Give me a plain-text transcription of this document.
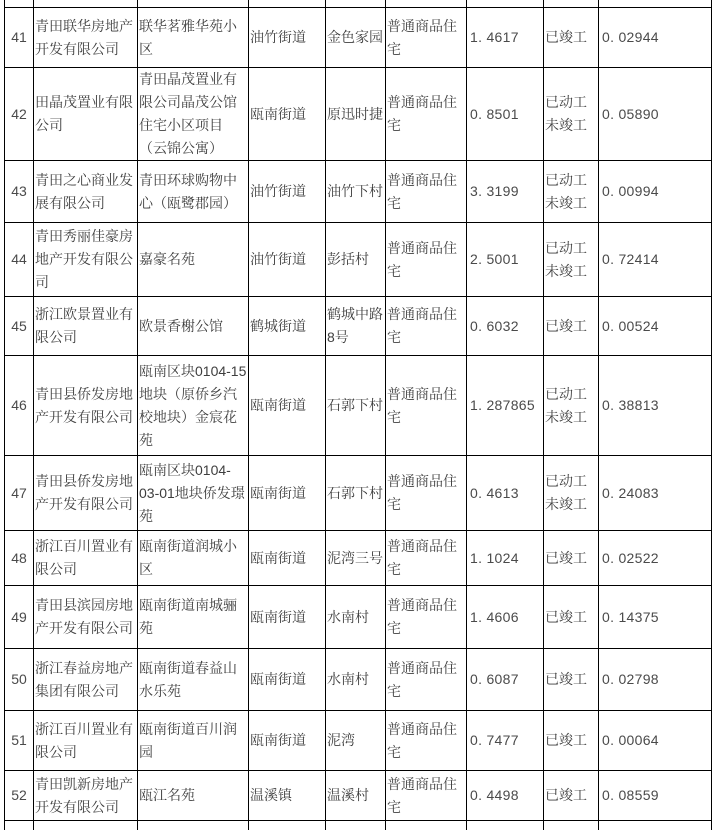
41	青田联华房地产开发有限公司	联华茗雅华苑小区	油竹街道	金色家园	普通商品住宅	1. 4617	已竣工	0. 02944
42	田晶茂置业有限公司	青田晶茂置业有限公司晶茂公馆住宅小区项目（云锦公寓）	瓯南街道	原迅时捷	普通商品住宅	0. 8501	已动工未竣工	0. 05890
43	青田之心商业发展有限公司	青田环球购物中心（瓯鹭郡园）	油竹街道	油竹下村	普通商品住宅	3. 3199	已动工未竣工	0. 00994
44	青田秀丽佳豪房地产开发有限公司	嘉豪名苑	油竹街道	彭括村	普通商品住宅	2. 5001	已动工未竣工	0. 72414
45	浙江欧景置业有限公司	欧景香榭公馆	鹤城街道	鹤城中路8号	普通商品住宅	0. 6032	已竣工	0. 00524
46	青田县侨发房地产开发有限公司	瓯南区块0104-15地块（原侨乡汽校地块）金宸花苑	瓯南街道	石郭下村	普通商品住宅	1. 287865	已动工未竣工	0. 38813
47	青田县侨发房地产开发有限公司	瓯南区块0104-03-01地块侨发璟苑	瓯南街道	石郭下村	普通商品住宅	0. 4613	已动工未竣工	0. 24083
48	浙江百川置业有限公司	瓯南街道润城小区	瓯南街道	泥湾三号	普通商品住宅	1. 1024	已竣工	0. 02522
49	青田县滨园房地产开发有限公司	瓯南街道南城骊苑	瓯南街道	水南村	普通商品住宅	1. 4606	已竣工	0. 14375
50	浙江春益房地产集团有限公司	瓯南街道春益山水乐苑	瓯南街道	水南村	普通商品住宅	0. 6087	已竣工	0. 02798
51	浙江百川置业有限公司	瓯南街道百川润园	瓯南街道	泥湾	普通商品住宅	0. 7477	已竣工	0. 00064
52	青田凯新房地产开发有限公司	瓯江名苑	温溪镇	温溪村	普通商品住宅	0. 4498	已竣工	0. 08559
